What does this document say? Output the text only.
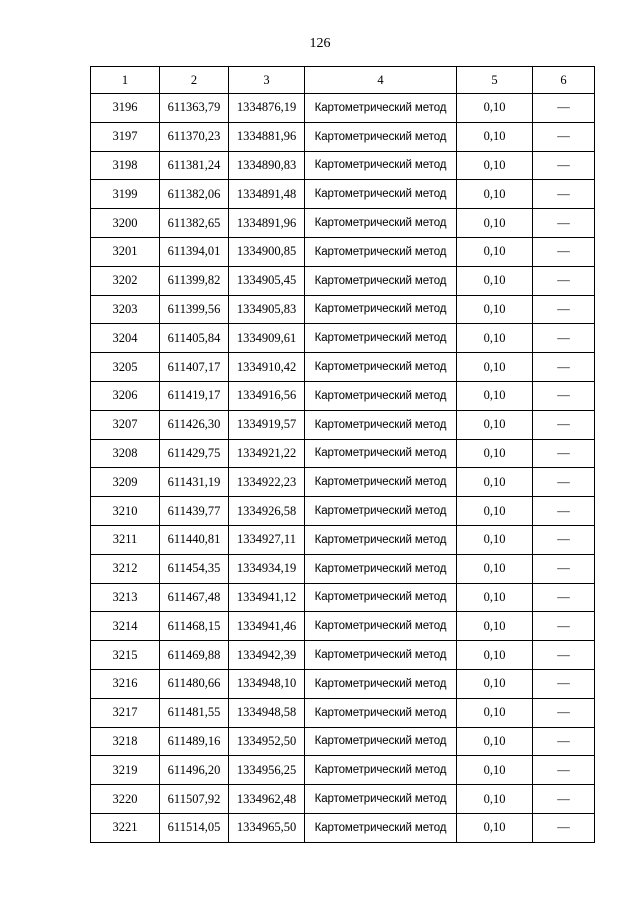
126
1	2	3	4	5	6
3196	611363,79	1334876,19	Картометрический метод	0,10	—
3197	611370,23	1334881,96	Картометрический метод	0,10	—
3198	611381,24	1334890,83	Картометрический метод	0,10	—
3199	611382,06	1334891,48	Картометрический метод	0,10	—
3200	611382,65	1334891,96	Картометрический метод	0,10	—
3201	611394,01	1334900,85	Картометрический метод	0,10	—
3202	611399,82	1334905,45	Картометрический метод	0,10	—
3203	611399,56	1334905,83	Картометрический метод	0,10	—
3204	611405,84	1334909,61	Картометрический метод	0,10	—
3205	611407,17	1334910,42	Картометрический метод	0,10	—
3206	611419,17	1334916,56	Картометрический метод	0,10	—
3207	611426,30	1334919,57	Картометрический метод	0,10	—
3208	611429,75	1334921,22	Картометрический метод	0,10	—
3209	611431,19	1334922,23	Картометрический метод	0,10	—
3210	611439,77	1334926,58	Картометрический метод	0,10	—
3211	611440,81	1334927,11	Картометрический метод	0,10	—
3212	611454,35	1334934,19	Картометрический метод	0,10	—
3213	611467,48	1334941,12	Картометрический метод	0,10	—
3214	611468,15	1334941,46	Картометрический метод	0,10	—
3215	611469,88	1334942,39	Картометрический метод	0,10	—
3216	611480,66	1334948,10	Картометрический метод	0,10	—
3217	611481,55	1334948,58	Картометрический метод	0,10	—
3218	611489,16	1334952,50	Картометрический метод	0,10	—
3219	611496,20	1334956,25	Картометрический метод	0,10	—
3220	611507,92	1334962,48	Картометрический метод	0,10	—
3221	611514,05	1334965,50	Картометрический метод	0,10	—
